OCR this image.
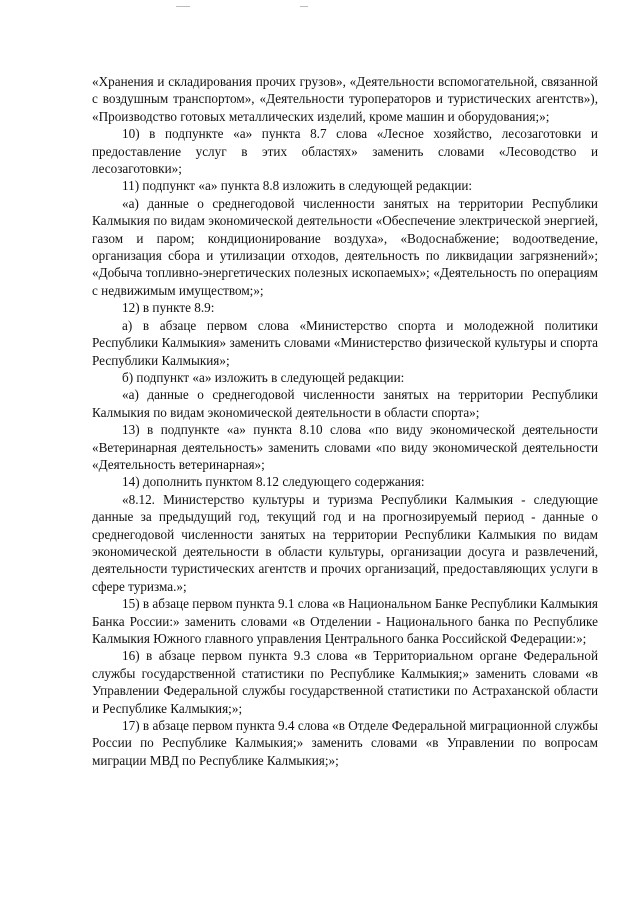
«Хранения и складирования прочих грузов», «Деятельности вспомогательной, связанной с воздушным транспортом», «Деятельности туроператоров и туристических агентств»), «Производство готовых металлических изделий, кроме машин и оборудования;»;

10) в подпункте «а» пункта 8.7 слова «Лесное хозяйство, лесозаготовки и предоставление услуг в этих областях» заменить словами «Лесоводство и лесозаготовки»;

11) подпункт «а» пункта 8.8 изложить в следующей редакции:

«а) данные о среднегодовой численности занятых на территории Республики Калмыкия по видам экономической деятельности «Обеспечение электрической энергией, газом и паром; кондиционирование воздуха», «Водоснабжение; водоотведение, организация сбора и утилизации отходов, деятельность по ликвидации загрязнений»; «Добыча топливно-энергетических полезных ископаемых»; «Деятельность по операциям с недвижимым имуществом;»;

12) в пункте 8.9:

а) в абзаце первом слова «Министерство спорта и молодежной политики Республики Калмыкия» заменить словами «Министерство физической культуры и спорта Республики Калмыкия»;

б) подпункт «а» изложить в следующей редакции:

«а) данные о среднегодовой численности занятых на территории Республики Калмыкия по видам экономической деятельности в области спорта»;

13) в подпункте «а» пункта 8.10 слова «по виду экономической деятельности «Ветеринарная деятельность» заменить словами «по виду экономической деятельности «Деятельность ветеринарная»;

14) дополнить пунктом 8.12 следующего содержания:

«8.12. Министерство культуры и туризма Республики Калмыкия - следующие данные за предыдущий год, текущий год и на прогнозируемый период - данные о среднегодовой численности занятых на территории Республики Калмыкия по видам экономической деятельности в области культуры, организации досуга и развлечений, деятельности туристических агентств и прочих организаций, предоставляющих услуги в сфере туризма.»;

15) в абзаце первом пункта 9.1 слова «в Национальном Банке Республики Калмыкия Банка России:» заменить словами «в Отделении - Национального банка по Республике Калмыкия Южного главного управления Центрального банка Российской Федерации:»;

16) в абзаце первом пункта 9.3 слова «в Территориальном органе Федеральной службы государственной статистики по Республике Калмыкия;» заменить словами «в Управлении Федеральной службы государственной статистики по Астраханской области и Республике Калмыкия;»;

17) в абзаце первом пункта 9.4 слова «в Отделе Федеральной миграционной службы России по Республике Калмыкия;» заменить словами «в Управлении по вопросам миграции МВД по Республике Калмыкия;»;
